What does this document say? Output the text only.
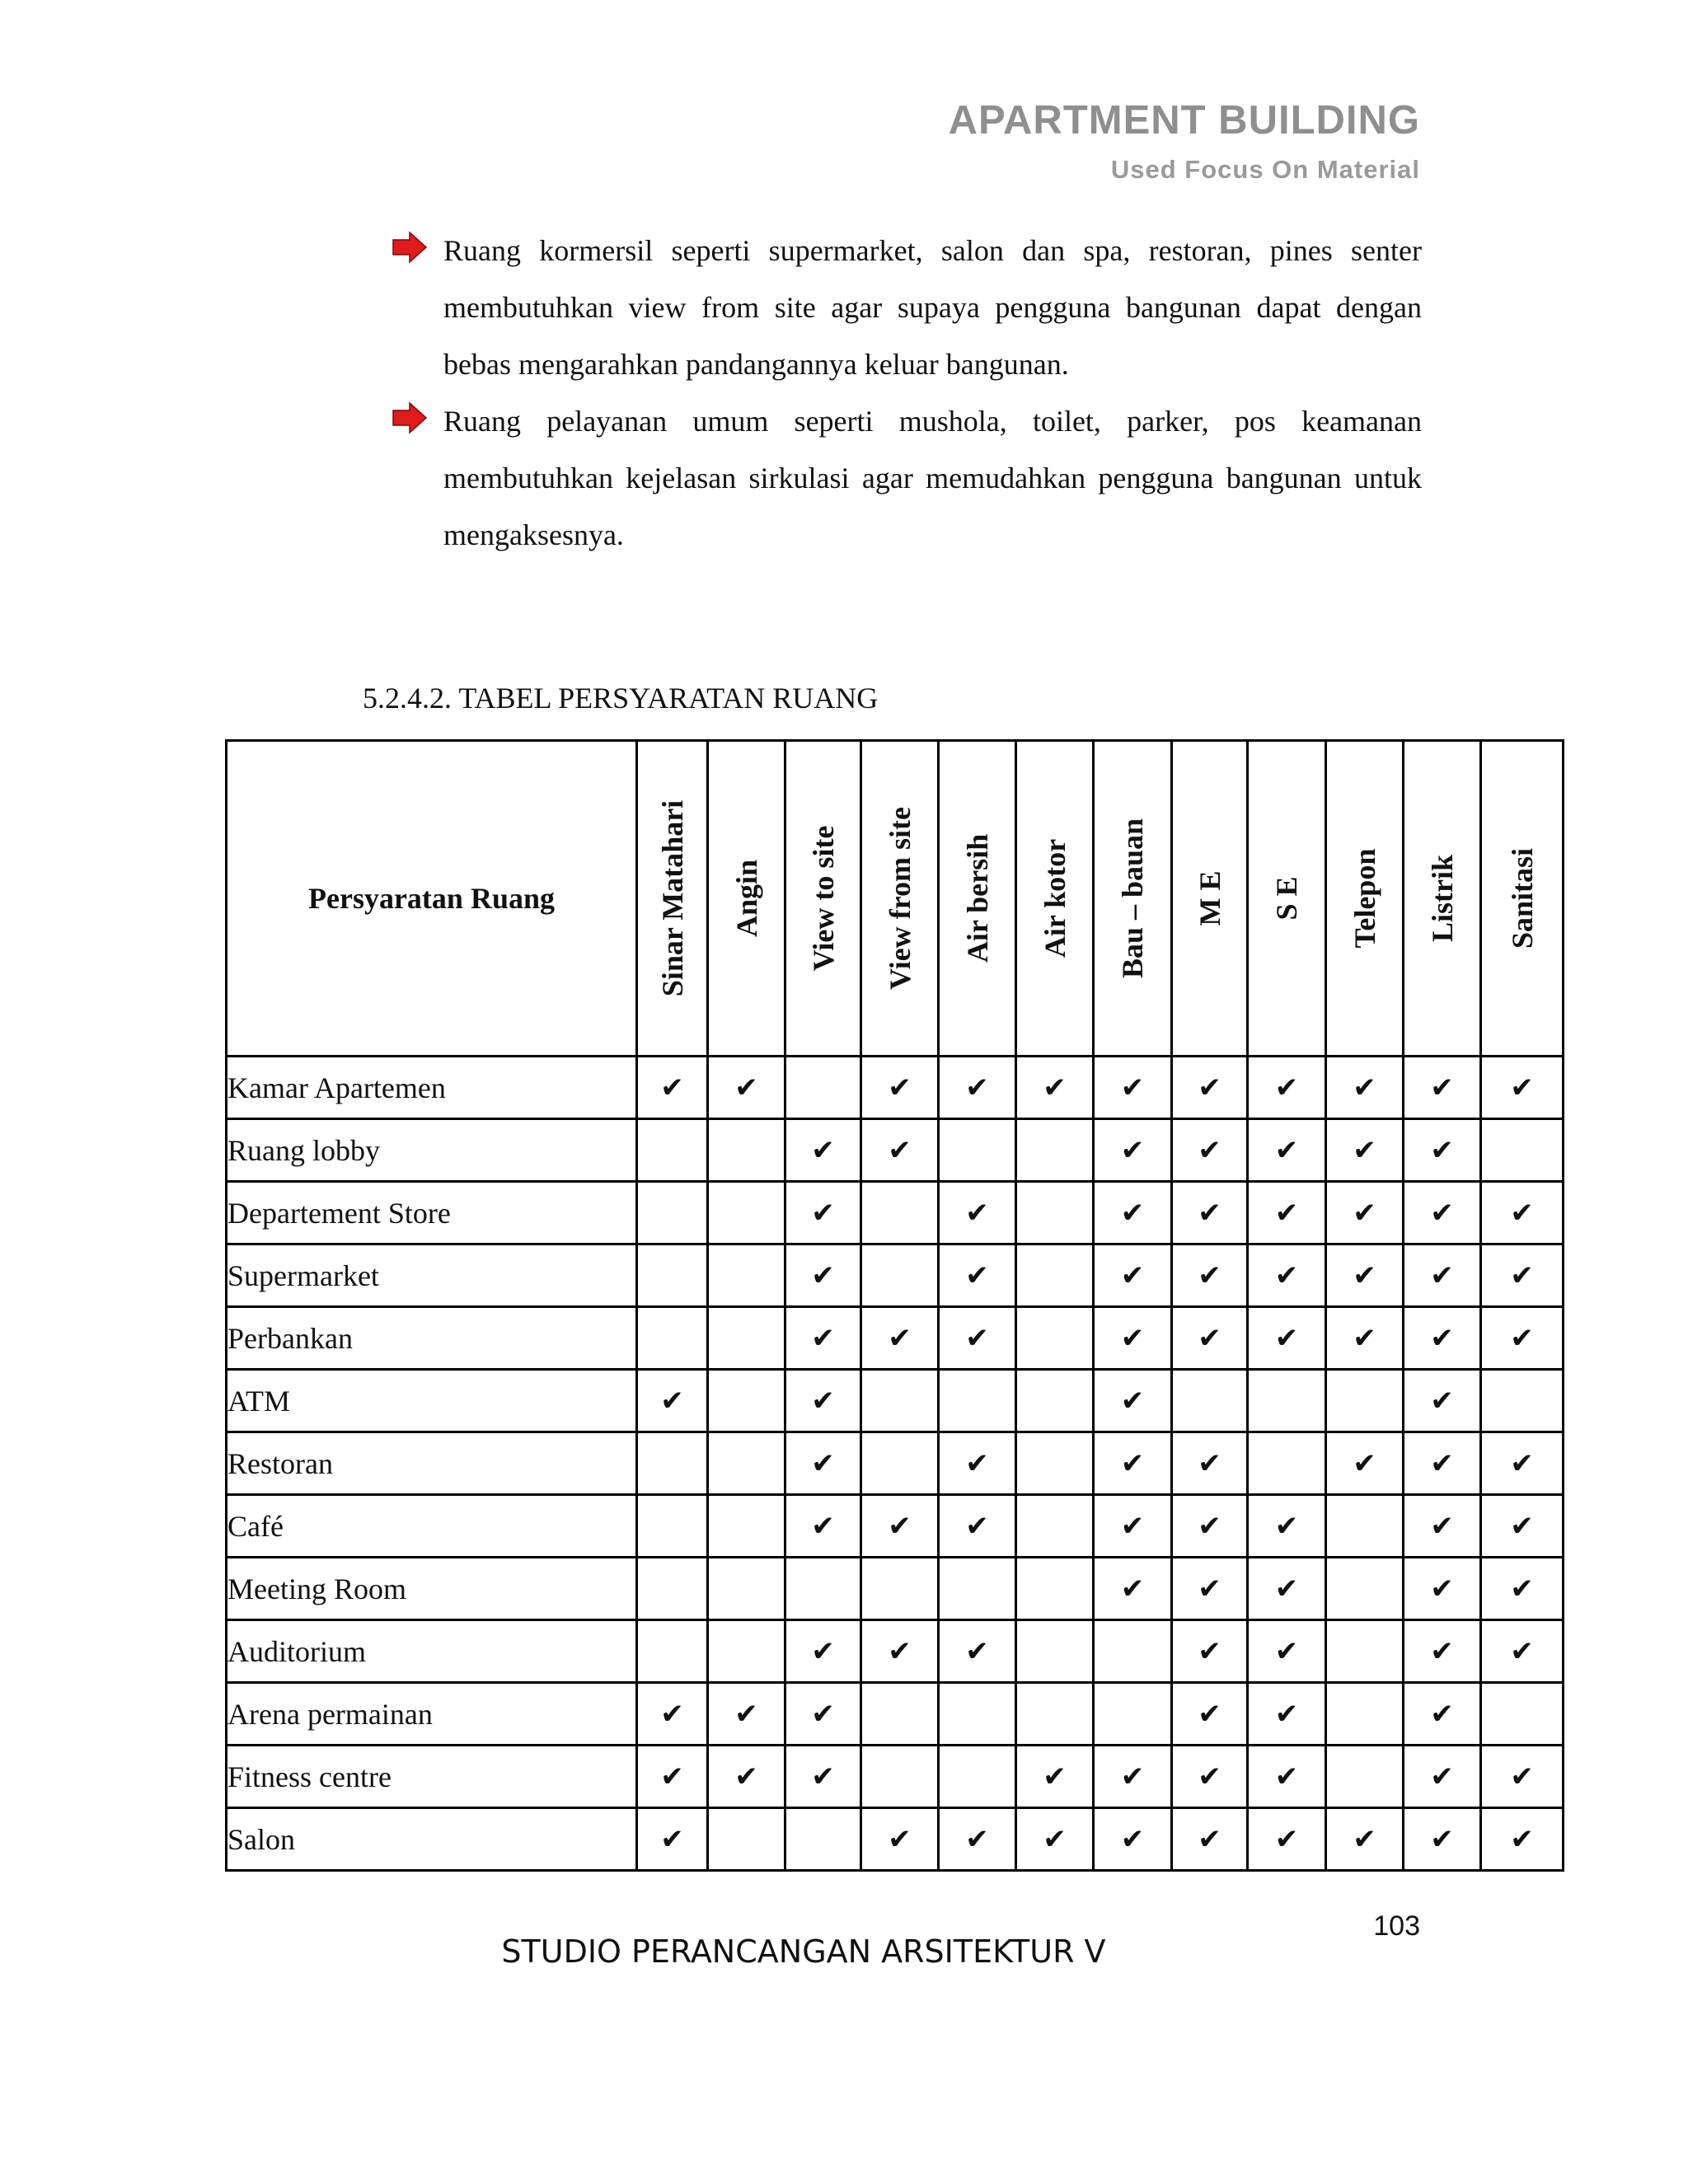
APARTMENT BUILDING
Used Focus On Material
Ruang kormersil seperti supermarket, salon dan spa, restoran, pines senter membutuhkan view from site agar supaya pengguna bangunan dapat dengan bebas mengarahkan pandangannya keluar bangunan.
Ruang pelayanan umum seperti mushola, toilet, parker, pos keamanan membutuhkan kejelasan sirkulasi agar memudahkan pengguna bangunan untuk mengaksesnya.
5.2.4.2. TABEL PERSYARATAN RUANG
Persyaratan Ruang	Sinar Matahari	Angin	View to site	View from site	Air bersih	Air kotor	Bau – bauan	M E	S E	Telepon	Listrik	Sanitasi

Kamar Apartemen	✔	✔		✔	✔	✔	✔	✔	✔	✔	✔	✔
Ruang lobby			✔	✔			✔	✔	✔	✔	✔	
Departement Store			✔		✔		✔	✔	✔	✔	✔	✔
Supermarket			✔		✔		✔	✔	✔	✔	✔	✔
Perbankan			✔	✔	✔		✔	✔	✔	✔	✔	✔
ATM	✔		✔				✔				✔	
Restoran			✔		✔		✔	✔		✔	✔	✔
Café			✔	✔	✔		✔	✔	✔		✔	✔
Meeting Room							✔	✔	✔		✔	✔
Auditorium			✔	✔	✔			✔	✔		✔	✔
Arena permainan	✔	✔	✔					✔	✔		✔	
Fitness centre	✔	✔	✔			✔	✔	✔	✔		✔	✔
Salon	✔			✔	✔	✔	✔	✔	✔	✔	✔	✔
103
STUDIO PERANCANGAN ARSITEKTUR V
